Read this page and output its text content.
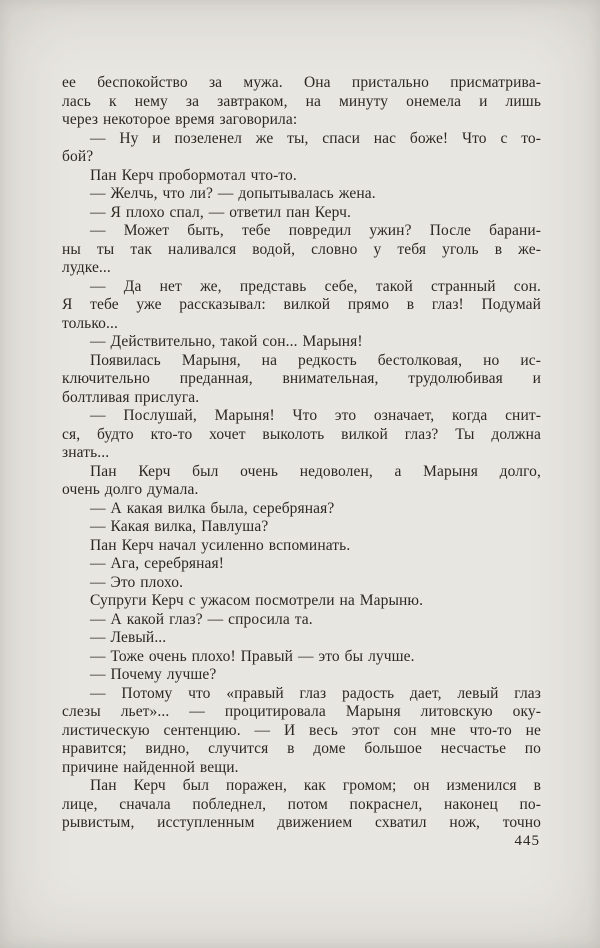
ее беспокойство за мужа. Она пристально присматрива-
лась к нему за завтраком, на минуту онемела и лишь
через некоторое время заговорила:
— Ну и позеленел же ты, спаси нас боже! Что с то-
бой?
Пан Керч пробормотал что-то.
— Желчь, что ли? — допытывалась жена.
— Я плохо спал, — ответил пан Керч.
— Может быть, тебе повредил ужин? После барани-
ны ты так наливался водой, словно у тебя уголь в же-
лудке...
— Да нет же, представь себе, такой странный сон.
Я тебе уже рассказывал: вилкой прямо в глаз! Подумай
только...
— Действительно, такой сон... Марыня!
Появилась Марыня, на редкость бестолковая, но ис-
ключительно преданная, внимательная, трудолюбивая и
болтливая прислуга.
— Послушай, Марыня! Что это означает, когда снит-
ся, будто кто-то хочет выколоть вилкой глаз? Ты должна
знать...
Пан Керч был очень недоволен, а Марыня долго,
очень долго думала.
— А какая вилка была, серебряная?
— Какая вилка, Павлуша?
Пан Керч начал усиленно вспоминать.
— Ага, серебряная!
— Это плохо.
Супруги Керч с ужасом посмотрели на Марыню.
— А какой глаз? — спросила та.
— Левый...
— Тоже очень плохо! Правый — это бы лучше.
— Почему лучше?
— Потому что «правый глаз радость дает, левый глаз
слезы льет»... — процитировала Марыня литовскую оку-
листическую сентенцию. — И весь этот сон мне что-то не
нравится; видно, случится в доме большое несчастье по
причине найденной вещи.
Пан Керч был поражен, как громом; он изменился в
лице, сначала побледнел, потом покраснел, наконец по-
рывистым, исступленным движением схватил нож, точно
445
